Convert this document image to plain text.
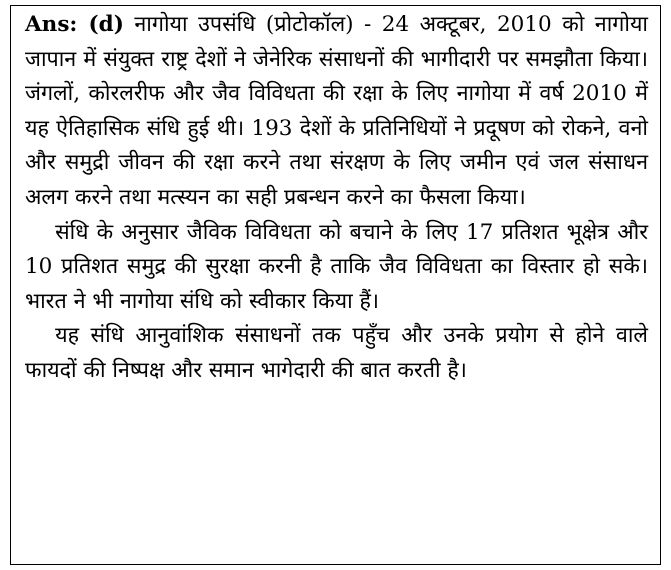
Ans: (d) नागोया उपसंधि (प्रोटोकॉल) - 24 अक्टूबर, 2010 को नागोया जापान में संयुक्त राष्ट्र देशों ने जेनेरिक संसाधनों की भागीदारी पर समझौता किया। जंगलों, कोरलरीफ और जैव विविधता की रक्षा के लिए नागोया में वर्ष 2010 में यह ऐतिहासिक संधि हुई थी। 193 देशों के प्रतिनिधियों ने प्रदूषण को रोकने, वनो और समुद्री जीवन की रक्षा करने तथा संरक्षण के लिए जमीन एवं जल संसाधन अलग करने तथा मत्स्यन का सही प्रबन्धन करने का फैसला किया।

संधि के अनुसार जैविक विविधता को बचाने के लिए 17 प्रतिशत भूक्षेत्र और 10 प्रतिशत समुद्र की सुरक्षा करनी है ताकि जैव विविधता का विस्तार हो सके। भारत ने भी नागोया संधि को स्वीकार किया हैं।

यह संधि आनुवांशिक संसाधनों तक पहुँच और उनके प्रयोग से होने वाले फायदों की निष्पक्ष और समान भागेदारी की बात करती है।
